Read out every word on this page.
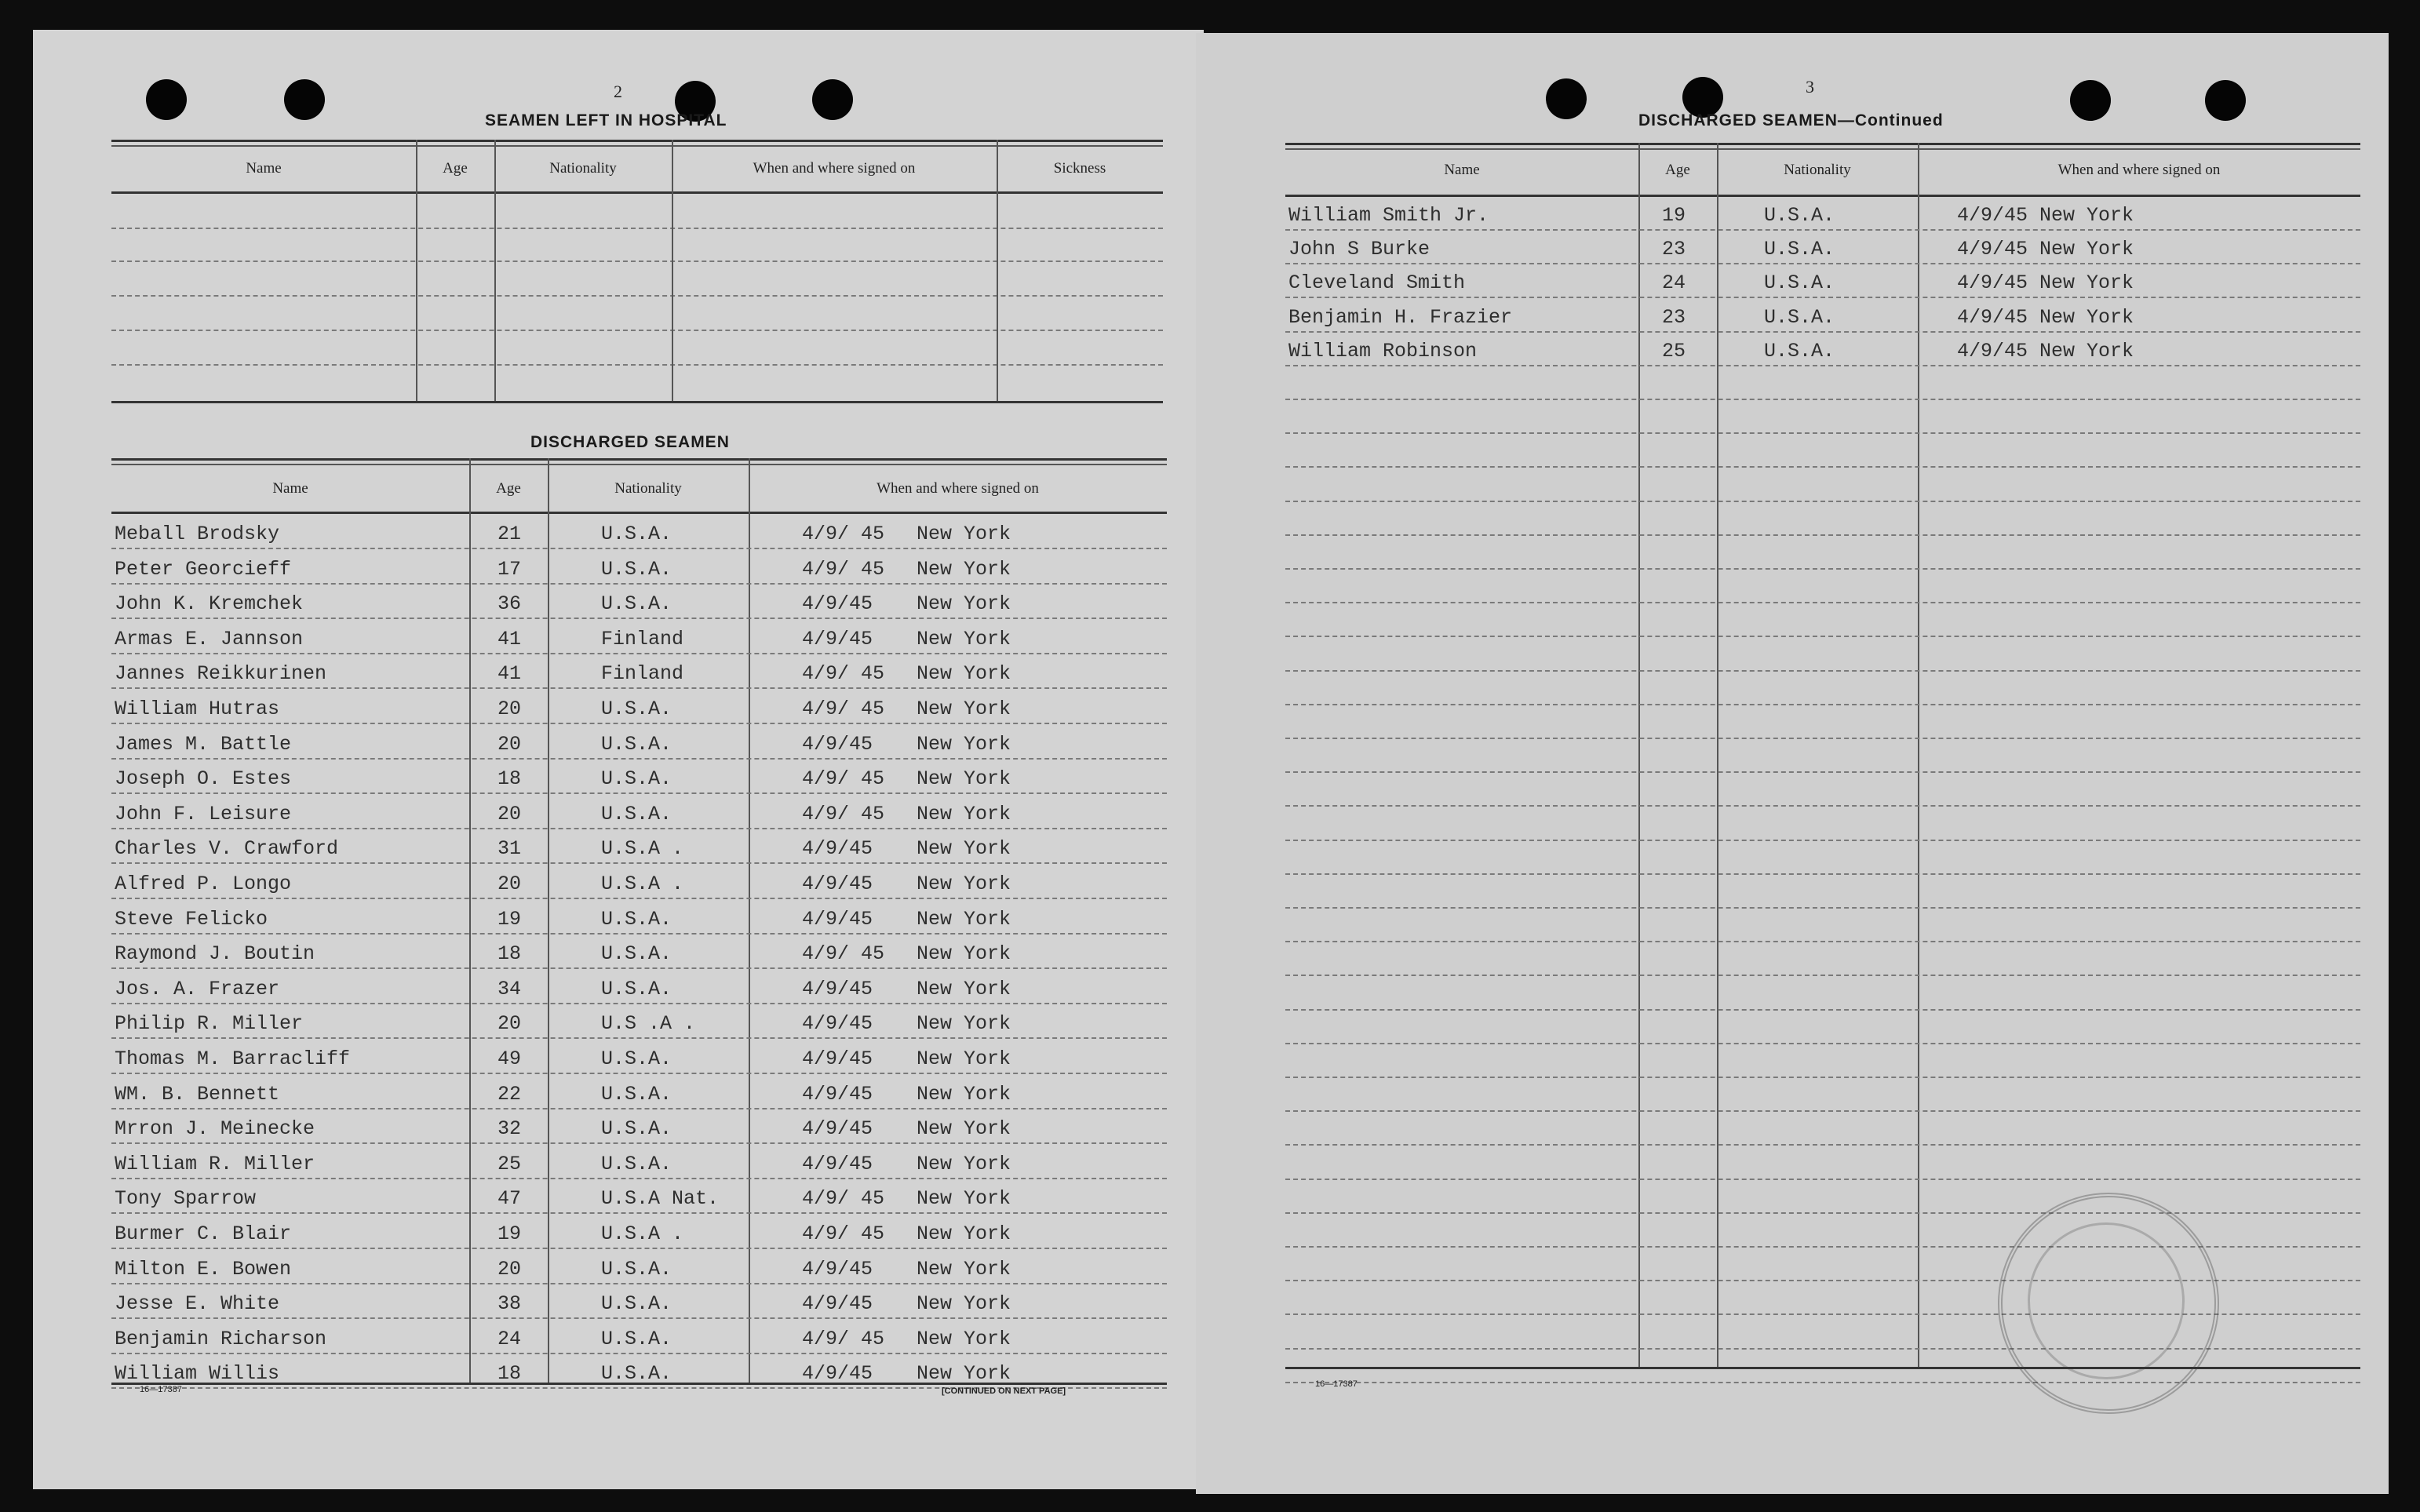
2
SEAMEN LEFT IN HOSPITAL
Name	Age	Nationality	When and where signed on	Sickness
DISCHARGED SEAMEN
Name	Age	Nationality	When and where signed on
Meball Brodsky	21	U.S.A.	4/9/ 45 New York
Peter Georcieff	17	U.S.A.	4/9/ 45 New York
John K. Kremchek	36	U.S.A.	4/9/45 New York
Armas E. Jannson	41	Finland	4/9/45 New York
Jannes Reikkurinen	41	Finland	4/9/ 45 New York
William Hutras	20	U.S.A.	4/9/ 45 New York
James M. Battle	20	U.S.A.	4/9/45 New York
Joseph O. Estes	18	U.S.A.	4/9/ 45 New York
John F. Leisure	20	U.S.A.	4/9/ 45 New York
Charles V. Crawford	31	U.S.A .	4/9/45 New York
Alfred P. Longo	20	U.S.A .	4/9/45 New York
Steve Felicko	19	U.S.A.	4/9/45 New York
Raymond J. Boutin	18	U.S.A.	4/9/ 45 New York
Jos. A. Frazer	34	U.S.A.	4/9/45 New York
Philip R. Miller	20	U.S .A .	4/9/45 New York
Thomas M. Barracliff	49	U.S.A.	4/9/45 New York
WM. B. Bennett	22	U.S.A.	4/9/45 New York
Mrron J. Meinecke	32	U.S.A.	4/9/45 New York
William R. Miller	25	U.S.A.	4/9/45 New York
Tony Sparrow	47	U.S.A Nat.	4/9/ 45 New York
Burmer C. Blair	19	U.S.A .	4/9/ 45 New York
Milton E. Bowen	20	U.S.A.	4/9/45 New York
Jesse E. White	38	U.S.A.	4/9/45 New York
Benjamin Richarson	24	U.S.A.	4/9/ 45 New York
William Willis	18	U.S.A.	4/9/45 New York
16—17387	[CONTINUED ON NEXT PAGE]
3
DISCHARGED SEAMEN—Continued
Name	Age	Nationality	When and where signed on
William Smith Jr.	19	U.S.A.	4/9/45 New York
John S Burke	23	U.S.A.	4/9/45 New York
Cleveland Smith	24	U.S.A.	4/9/45 New York
Benjamin H. Frazier	23	U.S.A.	4/9/45 New York
William Robinson	25	U.S.A.	4/9/45 New York
16—17387
